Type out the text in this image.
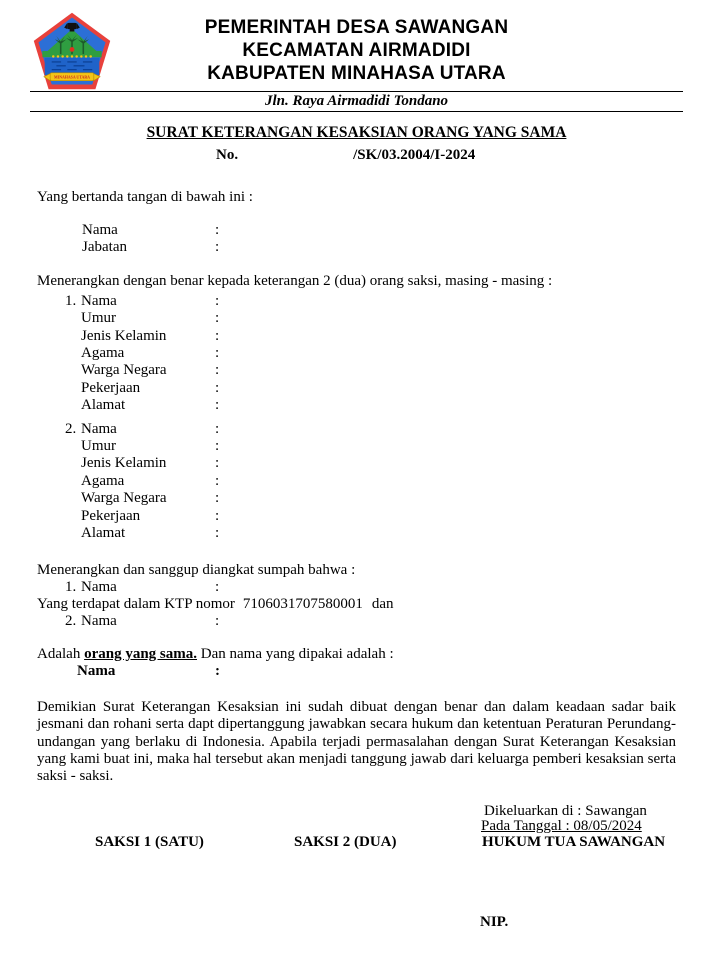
MINAHASA UTARA
PEMERINTAH DESA SAWANGAN
KECAMATAN AIRMADIDI
KABUPATEN MINAHASA UTARA
Jln. Raya Airmadidi Tondano
SURAT KETERANGAN KESAKSIAN ORANG YANG SAMA
No.	/SK/03.2004/I-2024
Yang bertanda tangan di bawah ini :
Nama	:
Jabatan	:
Menerangkan dengan benar kepada keterangan 2 (dua) orang saksi, masing - masing :
1. Nama	:
Umur	:
Jenis Kelamin	:
Agama	:
Warga Negara	:
Pekerjaan	:
Alamat	:
2. Nama	:
Umur	:
Jenis Kelamin	:
Agama	:
Warga Negara	:
Pekerjaan	:
Alamat	:
Menerangkan dan sanggup diangkat sumpah bahwa :
1. Nama	:
Yang terdapat dalam KTP nomor 7106031707580001 dan
2. Nama	:
Adalah orang yang sama. Dan nama yang dipakai adalah :
Nama	:
Demikian Surat Keterangan Kesaksian ini sudah dibuat dengan benar dan dalam keadaan sadar baik jesmani dan rohani serta dapt dipertanggung jawabkan secara hukum dan ketentuan Peraturan Perundang-undangan yang berlaku di Indonesia. Apabila terjadi permasalahan dengan Surat Keterangan Kesaksian yang kami buat ini, maka hal tersebut akan menjadi tanggung jawab dari keluarga pemberi kesaksian serta saksi - saksi.
Dikeluarkan di : Sawangan
Pada Tanggal : 08/05/2024
HUKUM TUA SAWANGAN
SAKSI 1 (SATU)	SAKSI 2 (DUA)
NIP.
